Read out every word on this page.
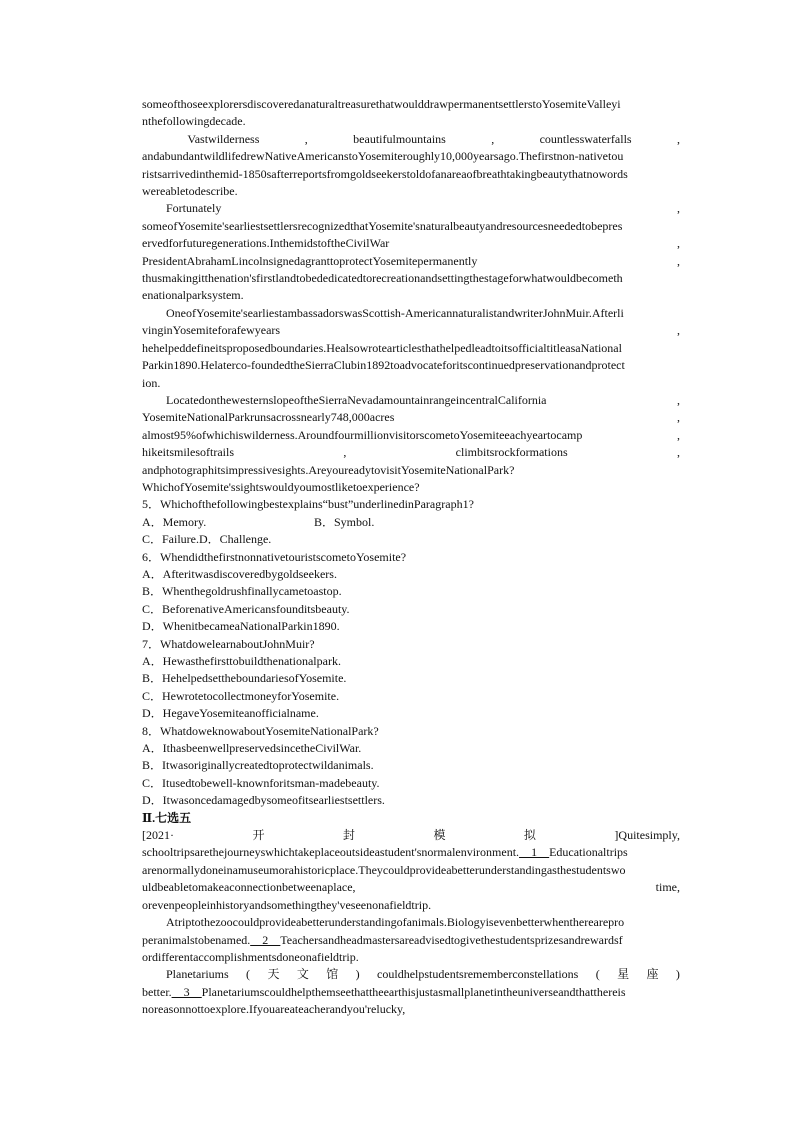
someofthoseexplorersdiscoveredanaturaltreasurethatwoulddrawpermanentsettlerstoYosemiteValleyi
nthefollowingdecade.
Vastwilderness	,	beautifulmountains	,	countlesswaterfalls	,
andabundantwildlifedrewNativeAmericanstoYosemiteroughly10,000yearsago.Thefirstnon-nativetou
ristsarrivedinthemid-1850safterreportsfromgoldseekerstoldofanareaofbreathtakingbeautythatnowords
wereabletodescribe.
Fortunately	,
someofYosemite'searliestsettlersrecognizedthatYosemite'snaturalbeautyandresourcesneededtobepres
ervedforfuturegenerations.InthemidstoftheCivilWar	,
PresidentAbrahamLincolnsignedagranttoprotectYosemitepermanently	,
thusmakingitthenation'sfirstlandtobededicatedtorecreationandsettingthestageforwhatwouldbecometh
enationalparksystem.
OneofYosemite'searliestambassadorswasScottish-AmericannaturalistandwriterJohnMuir.Afterli
vinginYosemiteforafewyears	,
hehelpeddefineitsproposedboundaries.HealsowrotearticlesthathelpedleadtoitsofficialtitleasaNational
Parkin1890.Helaterco-foundedtheSierraClubin1892toadvocateforitscontinuedpreservationandprotect
ion.
LocatedonthewesternslopeoftheSierraNevadamountainrangeincentralCalifornia	,
YosemiteNationalParkrunsacrossnearly748,000acres	,
almost95%ofwhichiswilderness.AroundfourmillionvisitorscometoYosemiteeachyeartocamp	,
hikeitsmilesoftrails	,	climbitsrockformations	,
andphotographitsimpressivesights.AreyoureadytovisitYosemiteNationalPark?
WhichofYosemite'ssightswouldyoumostliketoexperience?
5．Whichofthefollowingbestexplains“bust”underlinedinParagraph1?
A．Memory.	B．Symbol.
C．Failure.D．Challenge.
6．WhendidthefirstnonnativetouristscometoYosemite?
A．Afteritwasdiscoveredbygoldseekers.
B．Whenthegoldrushfinallycametoastop.
C．BeforenativeAmericansfounditsbeauty.
D．WhenitbecameaNationalParkin1890.
7．WhatdowelearnaboutJohnMuir?
A．Hewasthefirsttobuildthenationalpark.
B．HehelpedsettheboundariesofYosemite.
C．HewrotetocollectmoneyforYosemite.
D．HegaveYosemiteanofficialname.
8．WhatdoweknowaboutYosemiteNationalPark?
A．IthasbeenwellpreservedsincetheCivilWar.
B．Itwasoriginallycreatedtoprotectwildanimals.
C．Itusedtobewell-knownforitsman-madebeauty.
D．Itwasoncedamagedbysomeofitsearliestsettlers.
Ⅱ.七选五
[2021·	开	封	模	拟	]Quitesimply,
schooltripsarethejourneyswhichtakeplaceoutsideastudent'snormalenvironment.__1__Educationaltrips
arenormallydoneinamuseumorahistoricplace.Theycouldprovideabetterunderstandingasthestudentswo
uldbeabletomakeaconnectionbetweenaplace,	time,
orevenpeopleinhistoryandsomethingthey'veseenonafieldtrip.
Atriptothezoocouldprovideabetterunderstandingofanimals.Biologyisevenbetterwhentherearepro
peranimalstobenamed.__2__Teachersandheadmastersareadvisedtogivethestudentsprizesandrewardsf
ordifferentaccomplishmentsdoneonafieldtrip.
Planetariums ( 天 文 馆 ) couldhelpstudentsrememberconstellations ( 星 座 )
better.__3__Planetariumscouldhelpthemseethattheearthisjustasmallplanetintheuniverseandthatthereis
noreasonnottoexplore.Ifyouareateacherandyou'relucky,
